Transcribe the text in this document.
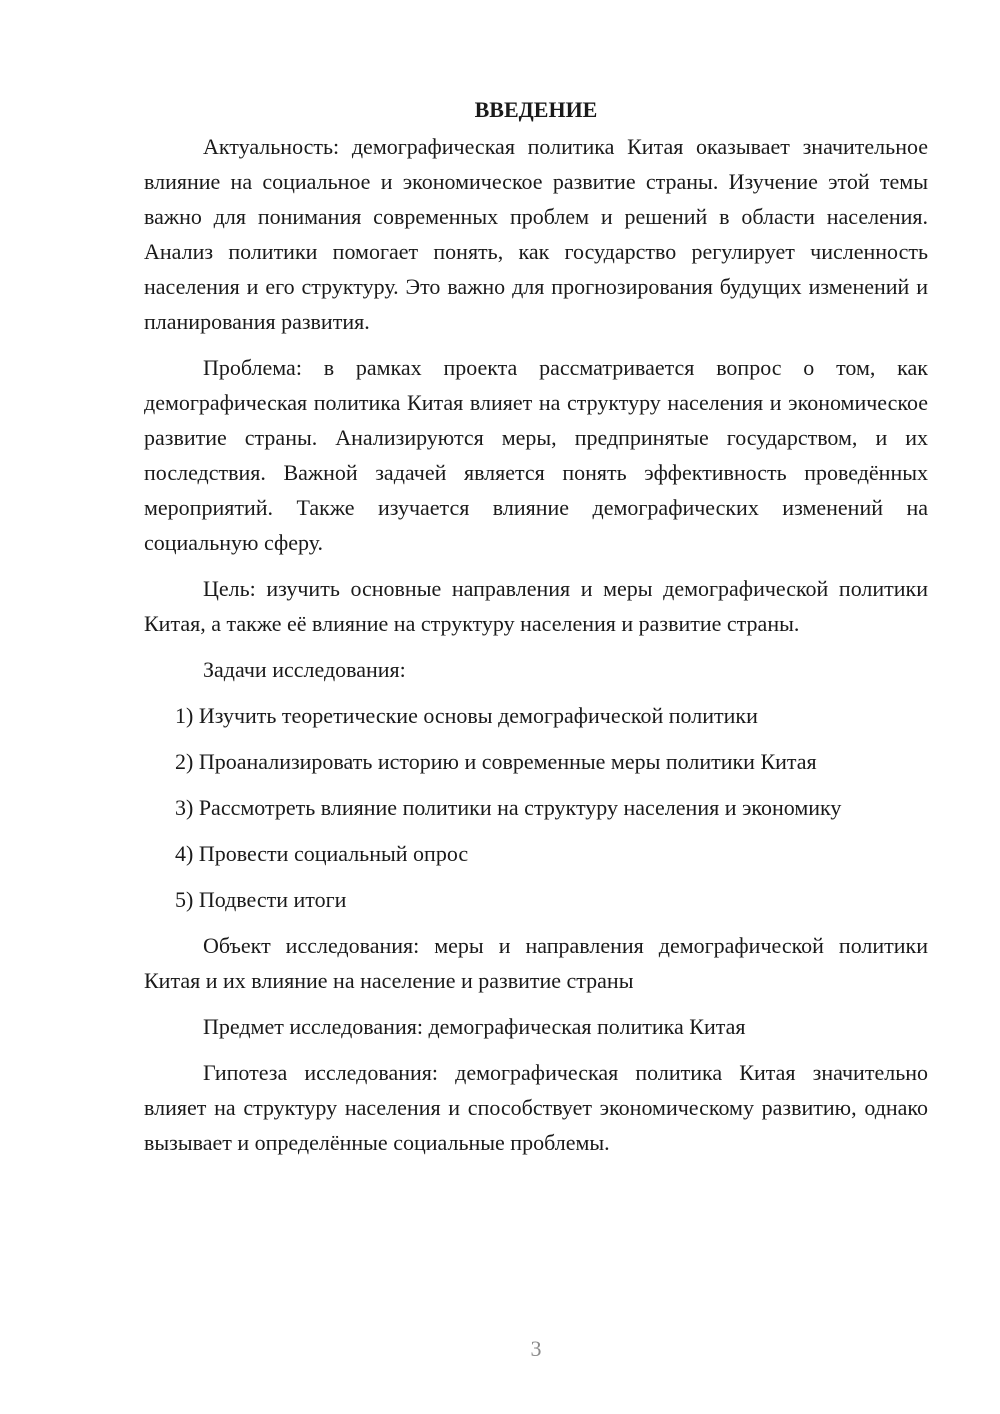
ВВЕДЕНИЕ

Актуальность: демографическая политика Китая оказывает значительное влияние на социальное и экономическое развитие страны. Изучение этой темы важно для понимания современных проблем и решений в области населения. Анализ политики помогает понять, как государство регулирует численность населения и его структуру. Это важно для прогнозирования будущих изменений и планирования развития.

Проблема: в рамках проекта рассматривается вопрос о том, как демографическая политика Китая влияет на структуру населения и экономическое развитие страны. Анализируются меры, предпринятые государством, и их последствия. Важной задачей является понять эффективность проведённых мероприятий. Также изучается влияние демографических изменений на социальную сферу.

Цель: изучить основные направления и меры демографической политики Китая, а также её влияние на структуру населения и развитие страны.

Задачи исследования:

1) Изучить теоретические основы демографической политики
2) Проанализировать историю и современные меры политики Китая
3) Рассмотреть влияние политики на структуру населения и экономику
4) Провести социальный опрос
5) Подвести итоги

Объект исследования: меры и направления демографической политики Китая и их влияние на население и развитие страны

Предмет исследования: демографическая политика Китая

Гипотеза исследования: демографическая политика Китая значительно влияет на структуру населения и способствует экономическому развитию, однако вызывает и определённые социальные проблемы.

3
